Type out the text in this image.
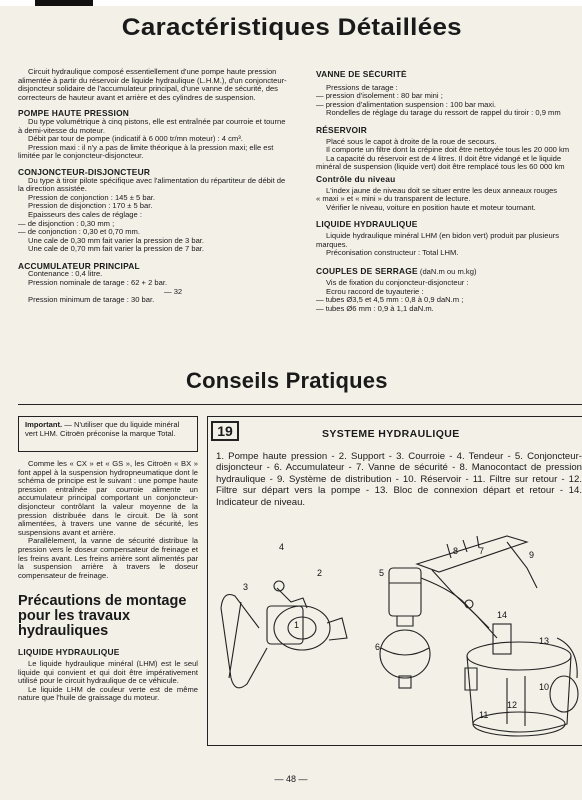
Caractéristiques Détaillées

Circuit hydraulique composé essentiellement d'une pompe haute pression alimentée à partir du réservoir de liquide hydraulique (L.H.M.), d'un conjoncteur-disjoncteur solidaire de l'accumulateur principal, d'une vanne de sécurité, des correcteurs de hauteur avant et arrière et des cylindres de suspension.

POMPE HAUTE PRESSION

Du type volumétrique à cinq pistons, elle est entraînée par courroie et tourne à demi-vitesse du moteur.

Débit par tour de pompe (indicatif à 6 000 tr/mn moteur) : 4 cm³.

Pression maxi : il n'y a pas de limite théorique à la pression maxi; elle est limitée par le conjoncteur-disjoncteur.

CONJONCTEUR-DISJONCTEUR

Du type à tiroir pilote spécifique avec l'alimentation du répartiteur de débit de la direction assistée.

Pression de conjonction : 145 ± 5 bar.

Pression de disjonction : 170 ± 5 bar.

Epaisseurs des cales de réglage :

— de disjonction : 0,30 mm ;

— de conjonction : 0,30 et 0,70 mm.

Une cale de 0,30 mm fait varier la pression de 3 bar.

Une cale de 0,70 mm fait varier la pression de 7 bar.

ACCUMULATEUR PRINCIPAL

Contenance : 0,4 litre.

Pression nominale de tarage : 62 + 2 bar.

— 32

Pression minimum de tarage : 30 bar.

VANNE DE SÉCURITÉ

Pressions de tarage :

— pression d'isolement : 80 bar mini ;

— pression d'alimentation suspension : 100 bar maxi.

Rondelles de réglage du tarage du ressort de rappel du tiroir : 0,9 mm

RÉSERVOIR

Placé sous le capot à droite de la roue de secours.

Il comporte un filtre dont la crépine doit être nettoyée tous les 20 000 km

La capacité du réservoir est de 4 litres. Il doit être vidangé et le liquide

minéral de suspension (liquide vert) doit être remplacé tous les 60 000 km

Contrôle du niveau

L'index jaune de niveau doit se situer entre les deux anneaux rouges

« maxi » et « mini » du transparent de lecture.

Vérifier le niveau, voiture en position haute et moteur tournant.

LIQUIDE HYDRAULIQUE

Liquide hydraulique minéral LHM (en bidon vert) produit par plusieurs

marques.

Préconisation constructeur : Total LHM.

COUPLES DE SERRAGE (daN.m ou m.kg)

Vis de fixation du conjoncteur-disjoncteur :

Ecrou raccord de tuyauterie :

— tubes Ø3,5 et 4,5 mm : 0,8 à 0,9 daN.m ;

— tubes Ø6 mm : 0,9 à 1,1 daN.m.

Conseils Pratiques
Important. — N'utiliser que du liquide minéral vert LHM. Citroën préconise la marque Total.

Comme les « CX » et « GS », les Citroën « BX » font appel à la suspension hydropneumatique dont le schéma de principe est le suivant : une pompe haute pression entraînée par courroie alimente un accumulateur principal comportant un conjoncteur-disjoncteur contrôlant la valeur moyenne de la pression distribuée dans le circuit. De là sont alimentées, à travers une vanne de sécurité, les suspensions avant et arrière.

Parallèlement, la vanne de sécurité distribue la pression vers le doseur compensateur de freinage et les freins avant. Les freins arrière sont alimentés par la suspension arrière à travers le doseur compensateur de freinage.

Précautions de montage pour les travaux hydrauliques

LIQUIDE HYDRAULIQUE

Le liquide hydraulique minéral (LHM) est le seul liquide qui convient et qui doit être impérativement utilisé pour le circuit hydraulique de ce véhicule.

Le liquide LHM de couleur verte est de même nature que l'huile de graissage du moteur.

19	SYSTEME HYDRAULIQUE
1. Pompe haute pression - 2. Support - 3. Courroie - 4. Tendeur - 5. Conjoncteur-disjoncteur - 6. Accumulateur - 7. Vanne de sécurité - 8. Manocontact de pression hydraulique - 9. Système de distribution - 10. Réservoir - 11. Filtre sur retour - 12. Filtre sur départ vers la pompe - 13. Bloc de connexion départ et retour - 14. Indicateur de niveau.
1
2
3
4
5
6
7
8	9
10
11
12
13
14
— 48 —
